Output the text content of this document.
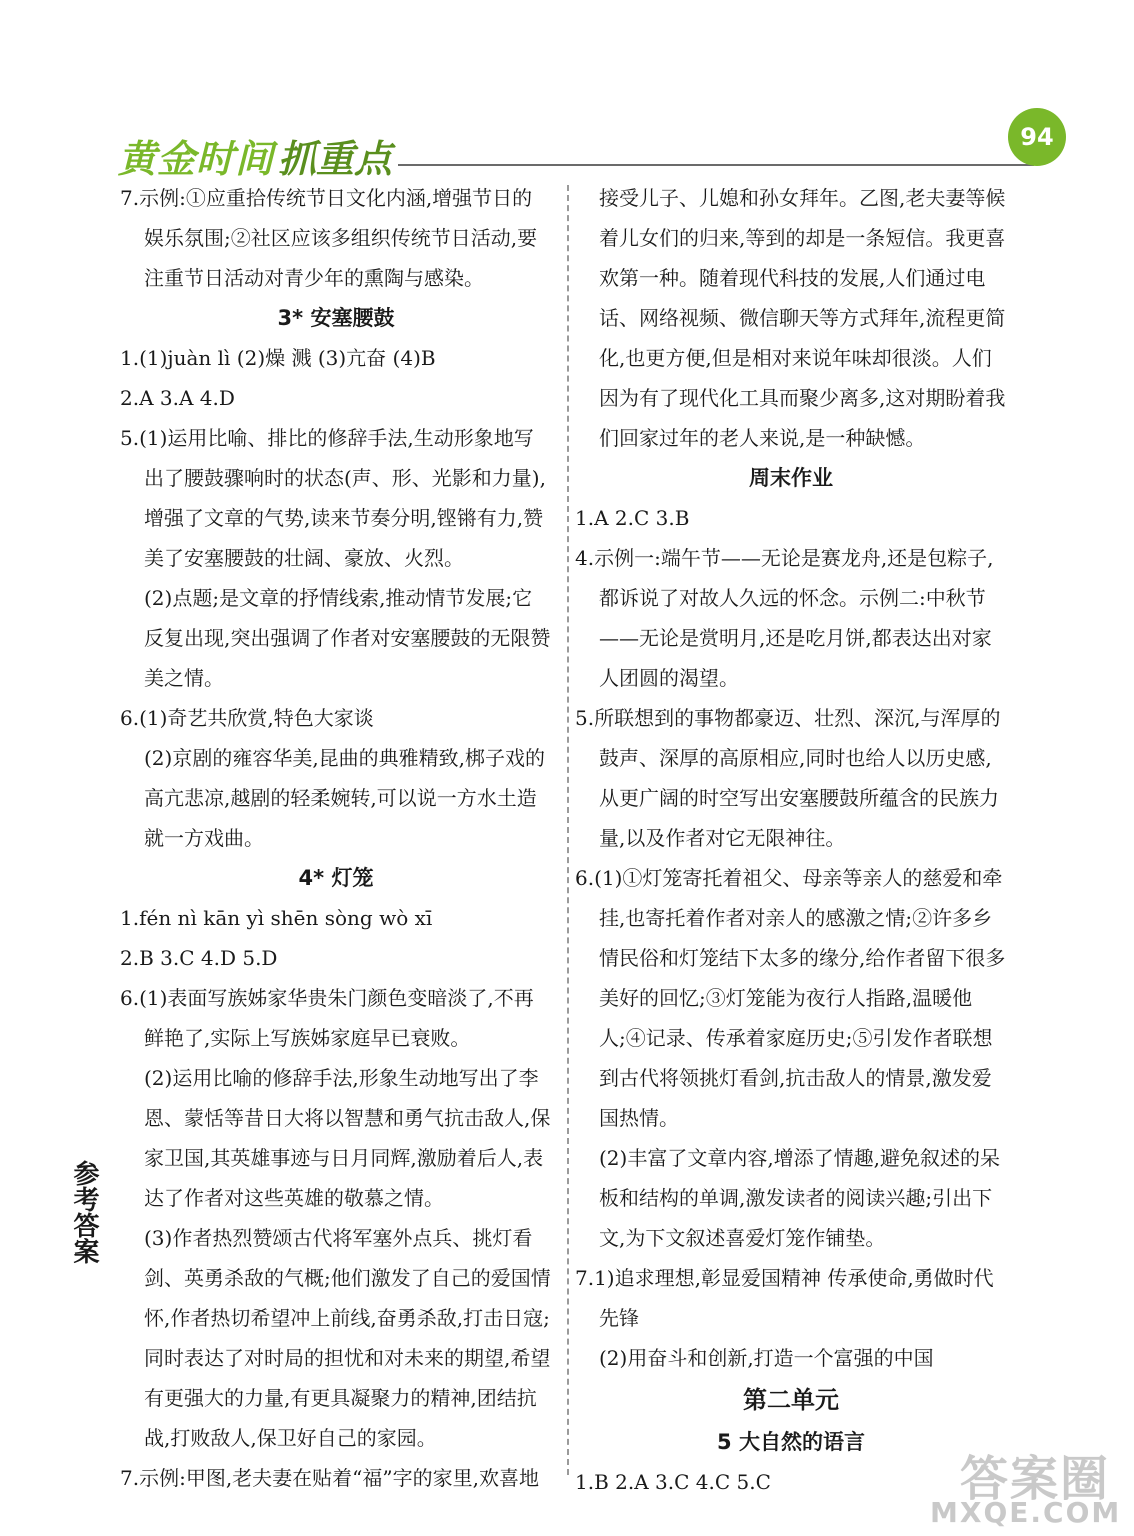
黄金时间 抓重点	94

7.示例:①应重拾传统节日文化内涵,增强节日的娱乐氛围;②社区应该多组织传统节日活动,要注重节日活动对青少年的熏陶与感染。

3* 安塞腰鼓

1.(1)juàn lì (2)燥 溅 (3)亢奋 (4)B

2.A 3.A 4.D

5.(1)运用比喻、排比的修辞手法,生动形象地写出了腰鼓骤响时的状态(声、形、光影和力量),增强了文章的气势,读来节奏分明,铿锵有力,赞美了安塞腰鼓的壮阔、豪放、火烈。

(2)点题;是文章的抒情线索,推动情节发展;它反复出现,突出强调了作者对安塞腰鼓的无限赞美之情。

6.(1)奇艺共欣赏,特色大家谈

(2)京剧的雍容华美,昆曲的典雅精致,梆子戏的高亢悲凉,越剧的轻柔婉转,可以说一方水土造就一方戏曲。

4* 灯笼

1.fén nì kān yì shēn sòng wò xī

2.B 3.C 4.D 5.D

6.(1)表面写族姊家华贵朱门颜色变暗淡了,不再鲜艳了,实际上写族姊家庭早已衰败。

(2)运用比喻的修辞手法,形象生动地写出了李恩、蒙恬等昔日大将以智慧和勇气抗击敌人,保家卫国,其英雄事迹与日月同辉,激励着后人,表达了作者对这些英雄的敬慕之情。

(3)作者热烈赞颂古代将军塞外点兵、挑灯看剑、英勇杀敌的气概;他们激发了自己的爱国情怀,作者热切希望冲上前线,奋勇杀敌,打击日寇;同时表达了对时局的担忧和对未来的期望,希望有更强大的力量,有更具凝聚力的精神,团结抗战,打败敌人,保卫好自己的家园。

7.示例:甲图,老夫妻在贴着“福”字的家里,欢喜地

接受儿子、儿媳和孙女拜年。乙图,老夫妻等候着儿女们的归来,等到的却是一条短信。我更喜欢第一种。随着现代科技的发展,人们通过电话、网络视频、微信聊天等方式拜年,流程更简化,也更方便,但是相对来说年味却很淡。人们因为有了现代化工具而聚少离多,这对期盼着我们回家过年的老人来说,是一种缺憾。

周末作业

1.A 2.C 3.B

4.示例一:端午节——无论是赛龙舟,还是包粽子,都诉说了对故人久远的怀念。示例二:中秋节——无论是赏明月,还是吃月饼,都表达出对家人团圆的渴望。

5.所联想到的事物都豪迈、壮烈、深沉,与浑厚的鼓声、深厚的高原相应,同时也给人以历史感,从更广阔的时空写出安塞腰鼓所蕴含的民族力量,以及作者对它无限神往。

6.(1)①灯笼寄托着祖父、母亲等亲人的慈爱和牵挂,也寄托着作者对亲人的感激之情;②许多乡情民俗和灯笼结下太多的缘分,给作者留下很多美好的回忆;③灯笼能为夜行人指路,温暖他人;④记录、传承着家庭历史;⑤引发作者联想到古代将领挑灯看剑,抗击敌人的情景,激发爱国热情。

(2)丰富了文章内容,增添了情趣,避免叙述的呆板和结构的单调,激发读者的阅读兴趣;引出下文,为下文叙述喜爱灯笼作铺垫。

7.1)追求理想,彰显爱国精神 传承使命,勇做时代先锋

(2)用奋斗和创新,打造一个富强的中国

第二单元

5 大自然的语言

1.B 2.A 3.C 4.C 5.C

参考答案
答案圈
MXQE.COM
